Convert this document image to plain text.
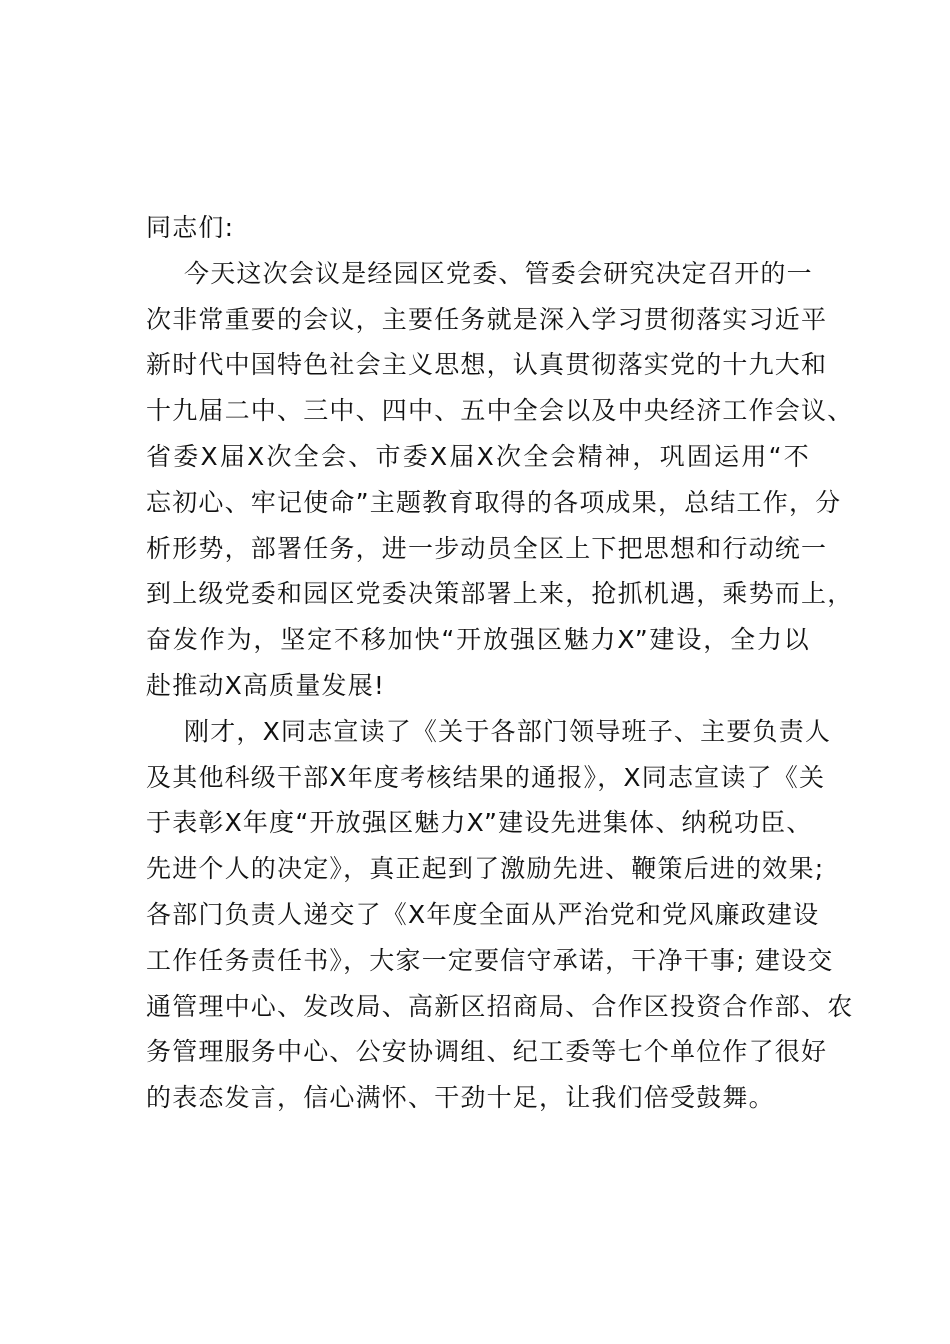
同志们:

今天这次会议是经园区党委、管委会研究决定召开的一
次非常重要的会议，主要任务就是深入学习贯彻落实习近平
新时代中国特色社会主义思想，认真贯彻落实党的十九大和
十九届二中、三中、四中、五中全会以及中央经济工作会议、
省委X届X次全会、市委X届X次全会精神，巩固运用“不
忘初心、牢记使命”主题教育取得的各项成果，总结工作，分
析形势，部署任务，进一步动员全区上下把思想和行动统一
到上级党委和园区党委决策部署上来，抢抓机遇，乘势而上，
奋发作为，坚定不移加快“开放强区魅力X”建设，全力以
赴推动X高质量发展!

刚才，X同志宣读了《关于各部门领导班子、主要负责人
及其他科级干部X年度考核结果的通报》，X同志宣读了《关
于表彰X年度“开放强区魅力X”建设先进集体、纳税功臣、
先进个人的决定》，真正起到了激励先进、鞭策后进的效果;
各部门负责人递交了《X年度全面从严治党和党风廉政建设
工作任务责任书》，大家一定要信守承诺，干净干事; 建设交
通管理中心、发改局、高新区招商局、合作区投资合作部、农
务管理服务中心、公安协调组、纪工委等七个单位作了很好
的表态发言，信心满怀、干劲十足，让我们倍受鼓舞。
